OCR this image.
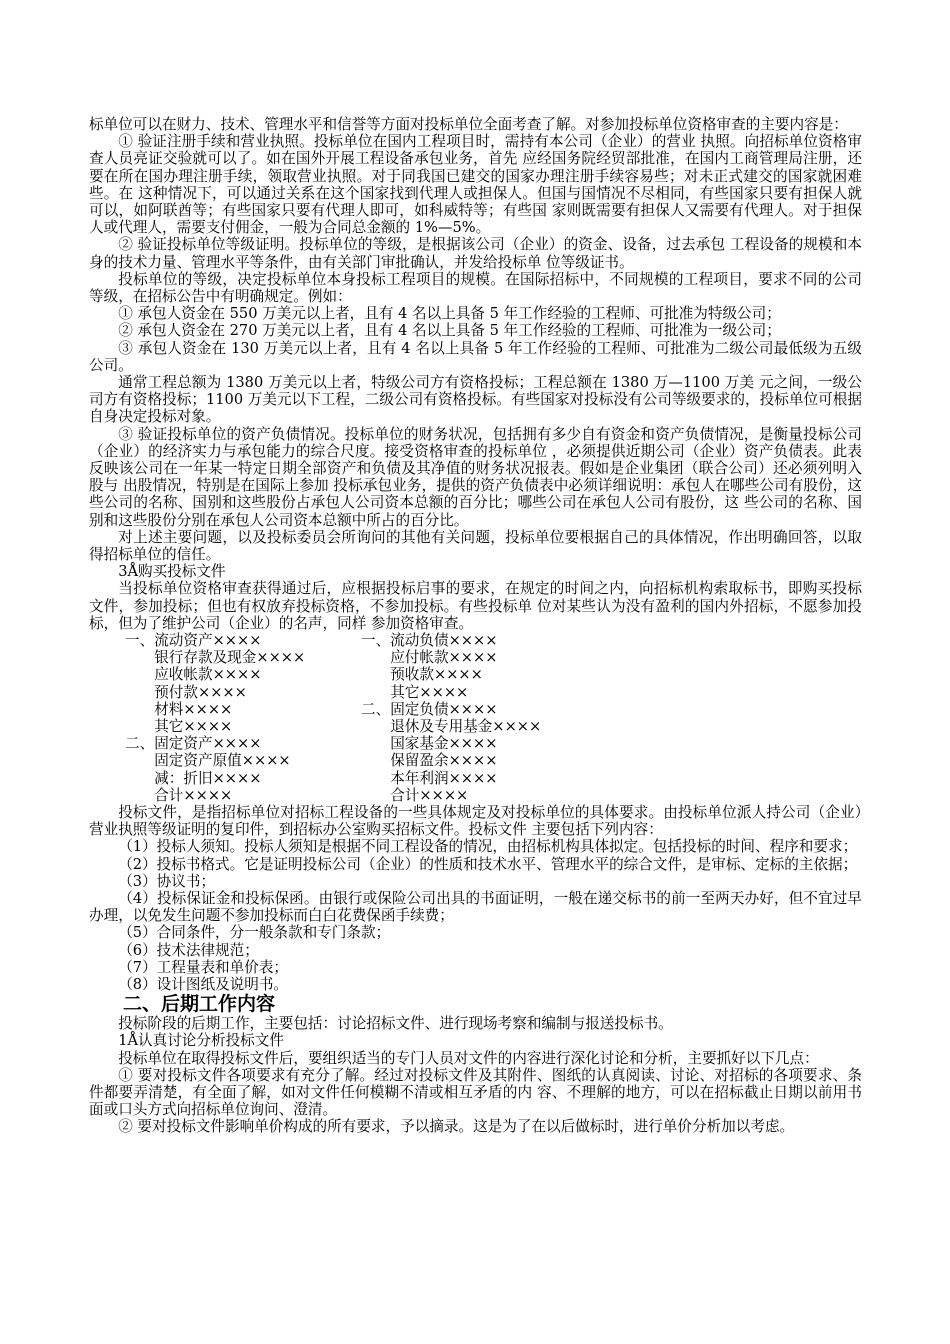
标单位可以在财力、技术、管理水平和信誉等方面对投标单位全面考查了解。对参加投标单位资格审查的主要内容是：

① 验证注册手续和营业执照。投标单位在国内工程项目时，需持有本公司（企业）的营业 执照。向招标单位资格审查人员亮证交验就可以了。如在国外开展工程设备承包业务，首先 应经国务院经贸部批准，在国内工商管理局注册，还要在所在国办理注册手续，领取营业执照。对于同我国已建交的国家办理注册手续容易些；对未正式建交的国家就困难些。在 这种情况下，可以通过关系在这个国家找到代理人或担保人。但国与国情况不尽相同，有些国家只要有担保人就可以，如阿联酋等；有些国家只要有代理人即可，如科威特等；有些国 家则既需要有担保人又需要有代理人。对于担保人或代理人，需要支付佣金，一般为合同总金额的 1%—5%。

② 验证投标单位等级证明。投标单位的等级，是根据该公司（企业）的资金、设备，过去承包 工程设备的规模和本身的技术力量、管理水平等条件，由有关部门审批确认，并发给投标单 位等级证书。

投标单位的等级，决定投标单位本身投标工程项目的规模。在国际招标中，不同规模的工程项目，要求不同的公司等级，在招标公告中有明确规定。例如：

① 承包人资金在 550 万美元以上者，且有 4 名以上具备 5 年工作经验的工程师、可批准为特级公司；

② 承包人资金在 270 万美元以上者，且有 4 名以上具备 5 年工作经验的工程师、可批准为一级公司；

③ 承包人资金在 130 万美元以上者，且有 4 名以上具备 5 年工作经验的工程师、可批准为二级公司最低级为五级公司。

通常工程总额为 1380 万美元以上者，特级公司方有资格投标；工程总额在 1380 万—1100 万美 元之间，一级公司方有资格投标；1100 万美元以下工程，二级公司有资格投标。有些国家对投标没有公司等级要求的，投标单位可根据自身决定投标对象。

③ 验证投标单位的资产负债情况。投标单位的财务状况，包括拥有多少自有资金和资产负债情况，是衡量投标公司（企业）的经济实力与承包能力的综合尺度。接受资格审查的投标单位 ，必须提供近期公司（企业）资产负债表。此表反映该公司在一年某一特定日期全部资产和负债及其净值的财务状况报表。假如是企业集团（联合公司）还必须列明入股与 出股情况，特别是在国际上参加 投标承包业务，提供的资产负债表中必须详细说明：承包人在哪些公司有股份，这些公司的名称、国别和这些股份占承包人公司资本总额的百分比；哪些公司在承包人公司有股份，这 些公司的名称、国别和这些股份分别在承包人公司资本总额中所占的百分比。

对上述主要问题，以及投标委员会所询问的其他有关问题，投标单位要根据自己的具体情况，作出明确回答，以取得招标单位的信任。

3Å购买投标文件

当投标单位资格审查获得通过后，应根据投标启事的要求，在规定的时间之内，向招标机构索取标书，即购买投标文件，参加投标；但也有权放弃投标资格，不参加投标。有些投标单 位对某些认为没有盈利的国内外招标，不愿参加投标，但为了维护公司（企业）的名声，同样 参加资格审查。

一、流动资产××××	一、流动负债××××
　　银行存款及现金××××	　　应付帐款××××
　　应收帐款××××	　　预收款××××
　　预付款××××	　　其它××××
　　材料××××	二、固定负债××××
　　其它××××	　　退休及专用基金××××
二、固定资产××××	　　国家基金××××
　　固定资产原值××××	　　保留盈余××××
　　减：折旧××××	　　本年利润××××
　　合计××××	　　合计××××

投标文件，是指招标单位对招标工程设备的一些具体规定及对投标单位的具体要求。由投标单位派人持公司（企业）营业执照等级证明的复印件，到招标办公室购买招标文件。投标文件 主要包括下列内容：

（1）投标人须知。投标人须知是根据不同工程设备的情况，由招标机构具体拟定。包括投标的时间、程序和要求；

（2）投标书格式。它是证明投标公司（企业）的性质和技术水平、管理水平的综合文件，是审标、定标的主依据；

（3）协议书；

（4）投标保证金和投标保函。由银行或保险公司出具的书面证明，一般在递交标书的前一至两天办好，但不宜过早办理，以免发生问题不参加投标而白白花费保函手续费；

（5）合同条件，分一般条款和专门条款；

（6）技术法律规范；

（7）工程量表和单价表；

（8）设计图纸及说明书。

二、后期工作内容

投标阶段的后期工作，主要包括：讨论招标文件、进行现场考察和编制与报送投标书。

1Å认真讨论分析投标文件

投标单位在取得投标文件后，要组织适当的专门人员对文件的内容进行深化讨论和分析，主要抓好以下几点：

① 要对投标文件各项要求有充分了解。经过对投标文件及其附件、图纸的认真阅读、讨论、对招标的各项要求、条件都要弄清楚，有全面了解，如对文件任何模糊不清或相互矛盾的内 容、不理解的地方，可以在招标截止日期以前用书面或口头方式向招标单位询问、澄清。

② 要对投标文件影响单价构成的所有要求，予以摘录。这是为了在以后做标时，进行单价分析加以考虑。
